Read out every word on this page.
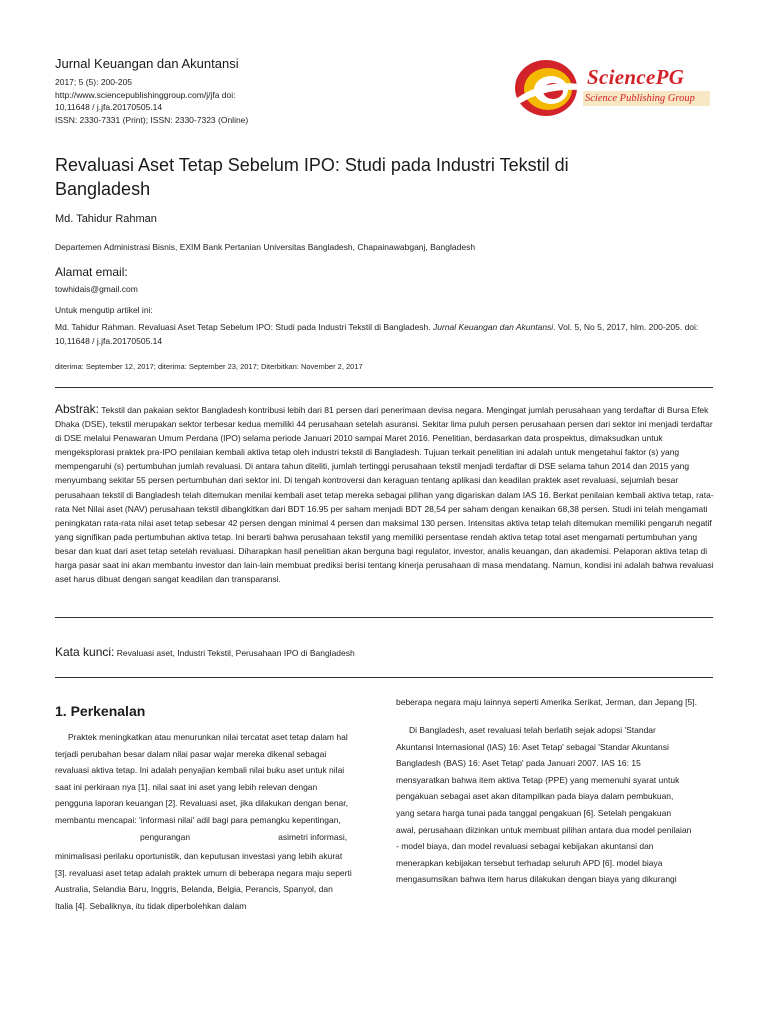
Jurnal Keuangan dan Akuntansi

2017; 5 (5): 200-205

http://www.sciencepublishinggroup.com/j/jfa doi:

10,11648 / j.jfa.20170505.14

ISSN: 2330-7331 (Print); ISSN: 2330-7323 (Online)

SciencePG
Science Publishing Group
Revaluasi Aset Tetap Sebelum IPO: Studi pada Industri Tekstil di Bangladesh

Md. Tahidur Rahman

Departemen Administrasi Bisnis, EXIM Bank Pertanian Universitas Bangladesh, Chapainawabganj, Bangladesh

Alamat email:

towhidais@gmail.com

Untuk mengutip artikel ini:

Md. Tahidur Rahman. Revaluasi Aset Tetap Sebelum IPO: Studi pada Industri Tekstil di Bangladesh. Jurnal Keuangan dan Akuntansi. Vol. 5, No 5, 2017, hlm. 200-205. doi: 10,11648 / j.jfa.20170505.14

diterima: September 12, 2017; diterima: September 23, 2017; Diterbitkan: November 2, 2017

Abstrak: Tekstil dan pakaian sektor Bangladesh kontribusi lebih dari 81 persen dari penerimaan devisa negara. Mengingat jumlah perusahaan yang terdaftar di Bursa Efek Dhaka (DSE), tekstil merupakan sektor terbesar kedua memiliki 44 perusahaan setelah asuransi. Sekitar lima puluh persen perusahaan persen dari sektor ini menjadi terdaftar di DSE melalui Penawaran Umum Perdana (IPO) selama periode Januari 2010 sampai Maret 2016. Penelitian, berdasarkan data prospektus, dimaksudkan untuk mengeksplorasi praktek pra-IPO penilaian kembali aktiva tetap oleh industri tekstil di Bangladesh. Tujuan terkait penelitian ini adalah untuk mengetahui faktor (s) yang mempengaruhi (s) pertumbuhan jumlah revaluasi. Di antara tahun diteliti, jumlah tertinggi perusahaan tekstil menjadi terdaftar di DSE selama tahun 2014 dan 2015 yang menyumbang sekitar 55 persen pertumbuhan dari sektor ini. Di tengah kontroversi dan keraguan tentang aplikasi dan keadilan praktek aset revaluasi, sejumlah besar perusahaan tekstil di Bangladesh telah ditemukan menilai kembali aset tetap mereka sebagai pilihan yang digariskan dalam IAS 16. Berkat penilaian kembali aktiva tetap, rata-rata Net Nilai aset (NAV) perusahaan tekstil dibangkitkan dari BDT 16.95 per saham menjadi BDT 28,54 per saham dengan kenaikan 68,38 persen. Studi ini telah mengamati peningkatan rata-rata nilai aset tetap sebesar 42 persen dengan minimal 4 persen dan maksimal 130 persen. Intensitas aktiva tetap telah ditemukan memiliki pengaruh negatif yang signifikan pada pertumbuhan aktiva tetap. Ini berarti bahwa perusahaan tekstil yang memiliki persentase rendah aktiva tetap total aset mengamati pertumbuhan yang besar dan kuat dari aset tetap setelah revaluasi. Diharapkan hasil penelitian akan berguna bagi regulator, investor, analis keuangan, dan akademisi. Pelaporan aktiva tetap di harga pasar saat ini akan membantu investor dan lain-lain membuat prediksi berisi tentang kinerja perusahaan di masa mendatang. Namun, kondisi ini adalah bahwa revaluasi aset harus dibuat dengan sangat keadilan dan transparansi.

Kata kunci: Revaluasi aset, Industri Tekstil, Perusahaan IPO di Bangladesh

1. Perkenalan

Praktek meningkatkan atau menurunkan nilai tercatat aset tetap dalam hal

terjadi perubahan besar dalam nilai pasar wajar mereka dikenal sebagai

revaluasi aktiva tetap. Ini adalah penyajian kembali nilai buku aset untuk nilai

saat ini perkiraan nya [1]. nilai saat ini aset yang lebih relevan dengan

pengguna laporan keuangan [2]. Revaluasi aset, jika dilakukan dengan benar,

membantu mencapai: 'informasi nilai' adil bagi para pemangku kepentingan,

pengurangan	asimetri informasi,

minimalisasi perilaku oportunistik, dan keputusan investasi yang lebih akurat

[3]. revaluasi aset tetap adalah praktek umum di beberapa negara maju seperti

Australia, Selandia Baru, Inggris, Belanda, Belgia, Perancis, Spanyol, dan

Italia [4]. Sebaliknya, itu tidak diperbolehkan dalam

beberapa negara maju lainnya seperti Amerika Serikat, Jerman, dan Jepang [5].

Di Bangladesh, aset revaluasi telah berlatih sejak adopsi 'Standar

Akuntansi Internasional (IAS) 16: Aset Tetap' sebagai 'Standar Akuntansi

Bangladesh (BAS) 16: Aset Tetap' pada Januari 2007. IAS 16: 15

mensyaratkan bahwa item aktiva Tetap (PPE) yang memenuhi syarat untuk

pengakuan sebagai aset akan ditampilkan pada biaya dalam pembukuan,

yang setara harga tunai pada tanggal pengakuan [6]. Setelah pengakuan

awal, perusahaan diizinkan untuk membuat pilihan antara dua model penilaian

- model biaya, dan model revaluasi sebagai kebijakan akuntansi dan

menerapkan kebijakan tersebut terhadap seluruh APD [6]. model biaya

mengasumsikan bahwa item harus dilakukan dengan biaya yang dikurangi
